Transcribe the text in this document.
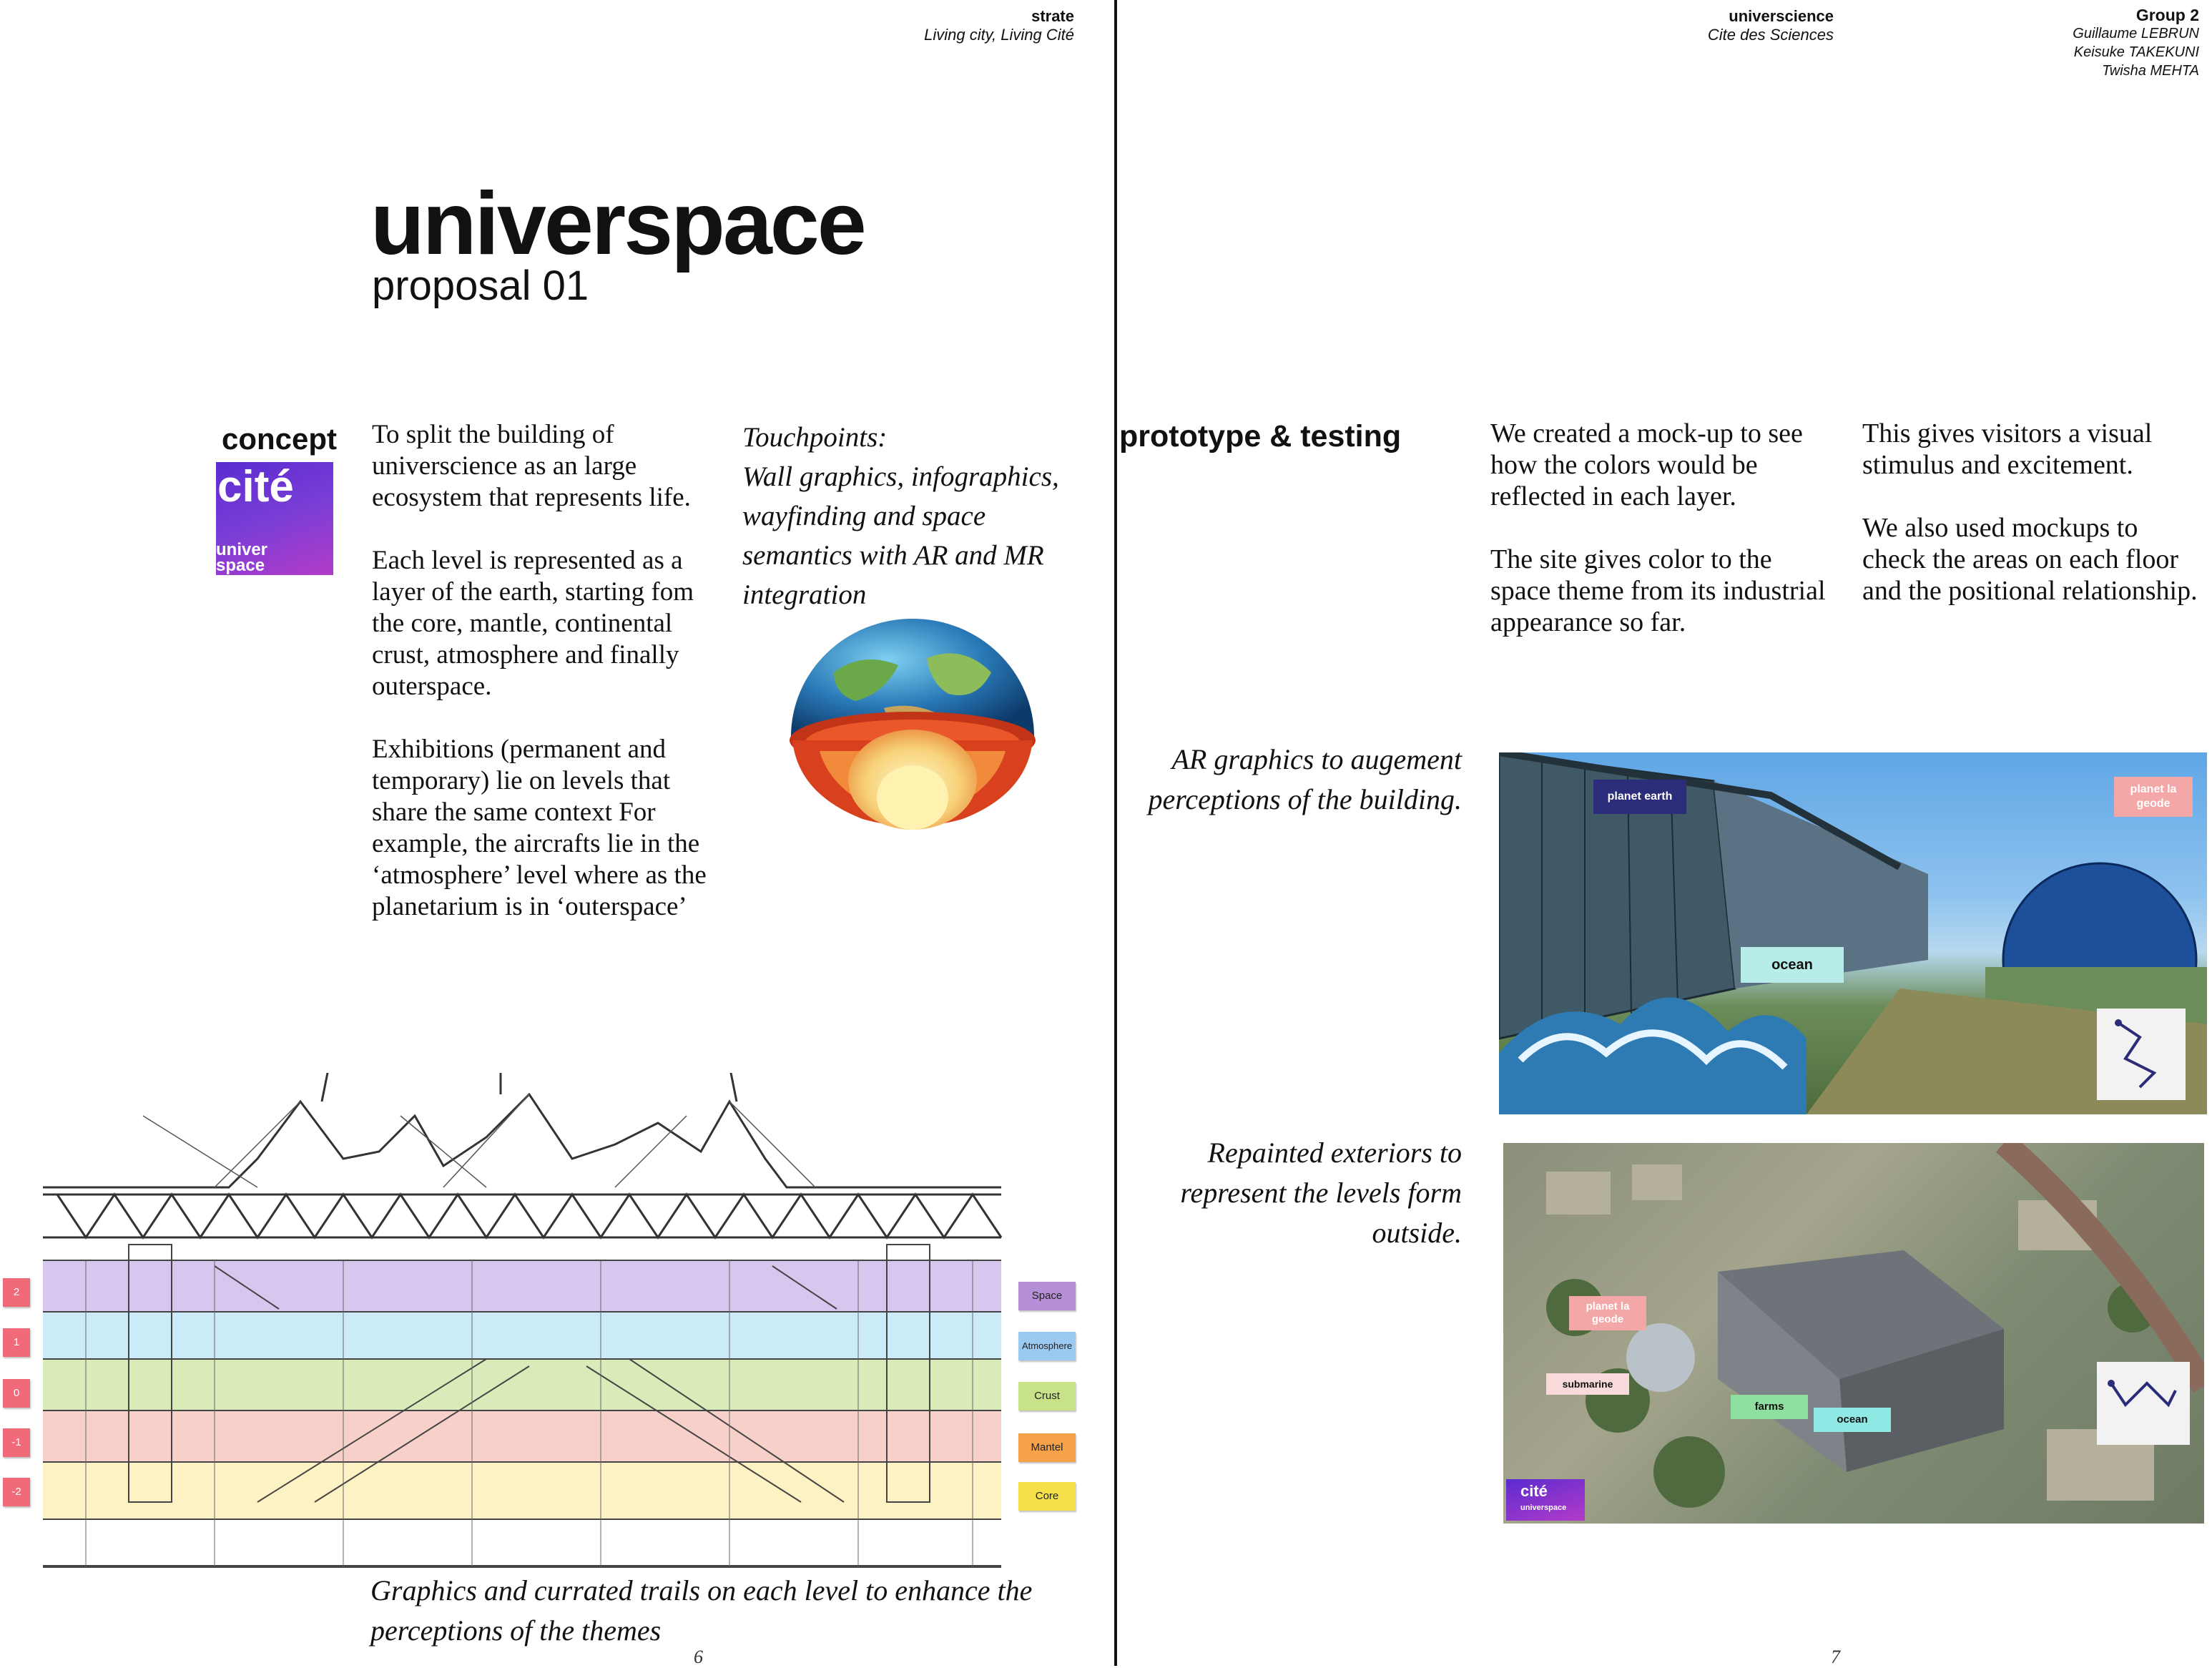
strate
Living city, Living Cité
universpace
proposal 01
concept
cité
univer
space

To split the building of universcience as an large ecosystem that represents life.

Each level is represented as a layer of the earth, starting fom the core, mantle, continental crust, atmosphere and finally outerspace.

Exhibitions (permanent and temporary) lie on levels that share the same context For example, the aircrafts lie in the ‘atmosphere’ level where as the planetarium is in ‘outerspace’

Touchpoints:
Wall graphics, infographics, wayfinding and space semantics with AR and MR integration
2
1
0
-1
-2
Space
Atmosphere
Crust
Mantel
Core
Graphics and currated trails on each level to enhance the perceptions of the themes
6
universcience
Cite des Sciences
Group 2
Guillaume LEBRUN
Keisuke TAKEKUNI
Twisha MEHTA
prototype & testing	We created a mock-up to see how the colors would be reflected in each layer.

The site gives color to the space theme from its industrial appearance so far.

This gives visitors a visual stimulus and excitement.

We also used mockups to check the areas on each floor and the positional relationship.

AR graphics to augement perceptions of the building.
Repainted exteriors to represent the levels form outside.
planet earth
planet la geode
ocean
planet la geode
submarine
farms
ocean
cité
universpace
7
